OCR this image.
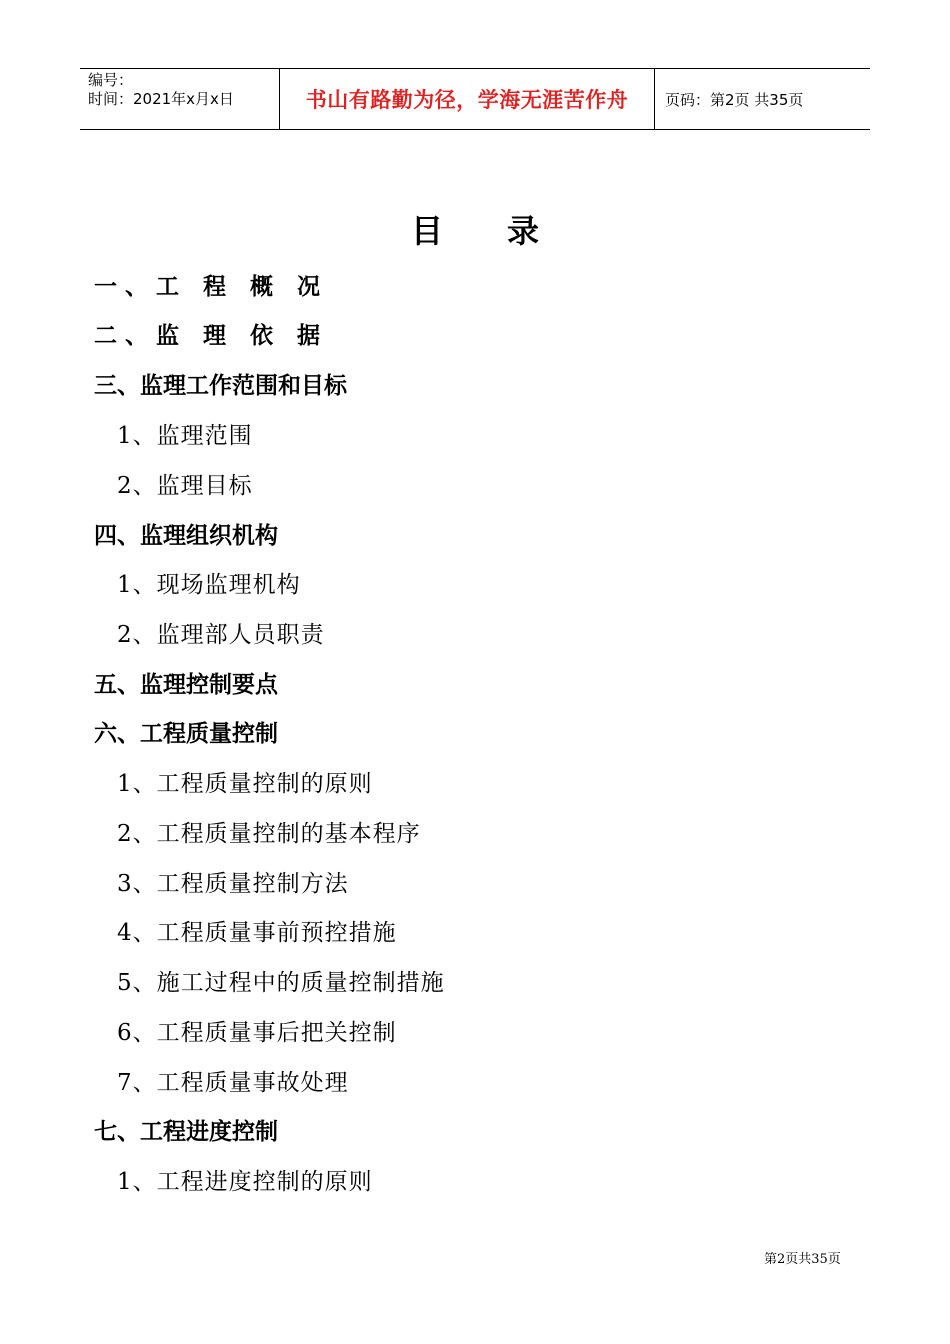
编号：
时间：2021年x月x日	书山有路勤为径，学海无涯苦作舟	页码：第2页 共35页
目 录
一、工 程 概 况
二、监 理 依 据
三、监理工作范围和目标
1、监理范围
2、监理目标
四、监理组织机构
1、现场监理机构
2、监理部人员职责
五、监理控制要点
六、工程质量控制
1、工程质量控制的原则
2、工程质量控制的基本程序
3、工程质量控制方法
4、工程质量事前预控措施
5、施工过程中的质量控制措施
6、工程质量事后把关控制
7、工程质量事故处理
七、工程进度控制
1、工程进度控制的原则
第2页共35页
